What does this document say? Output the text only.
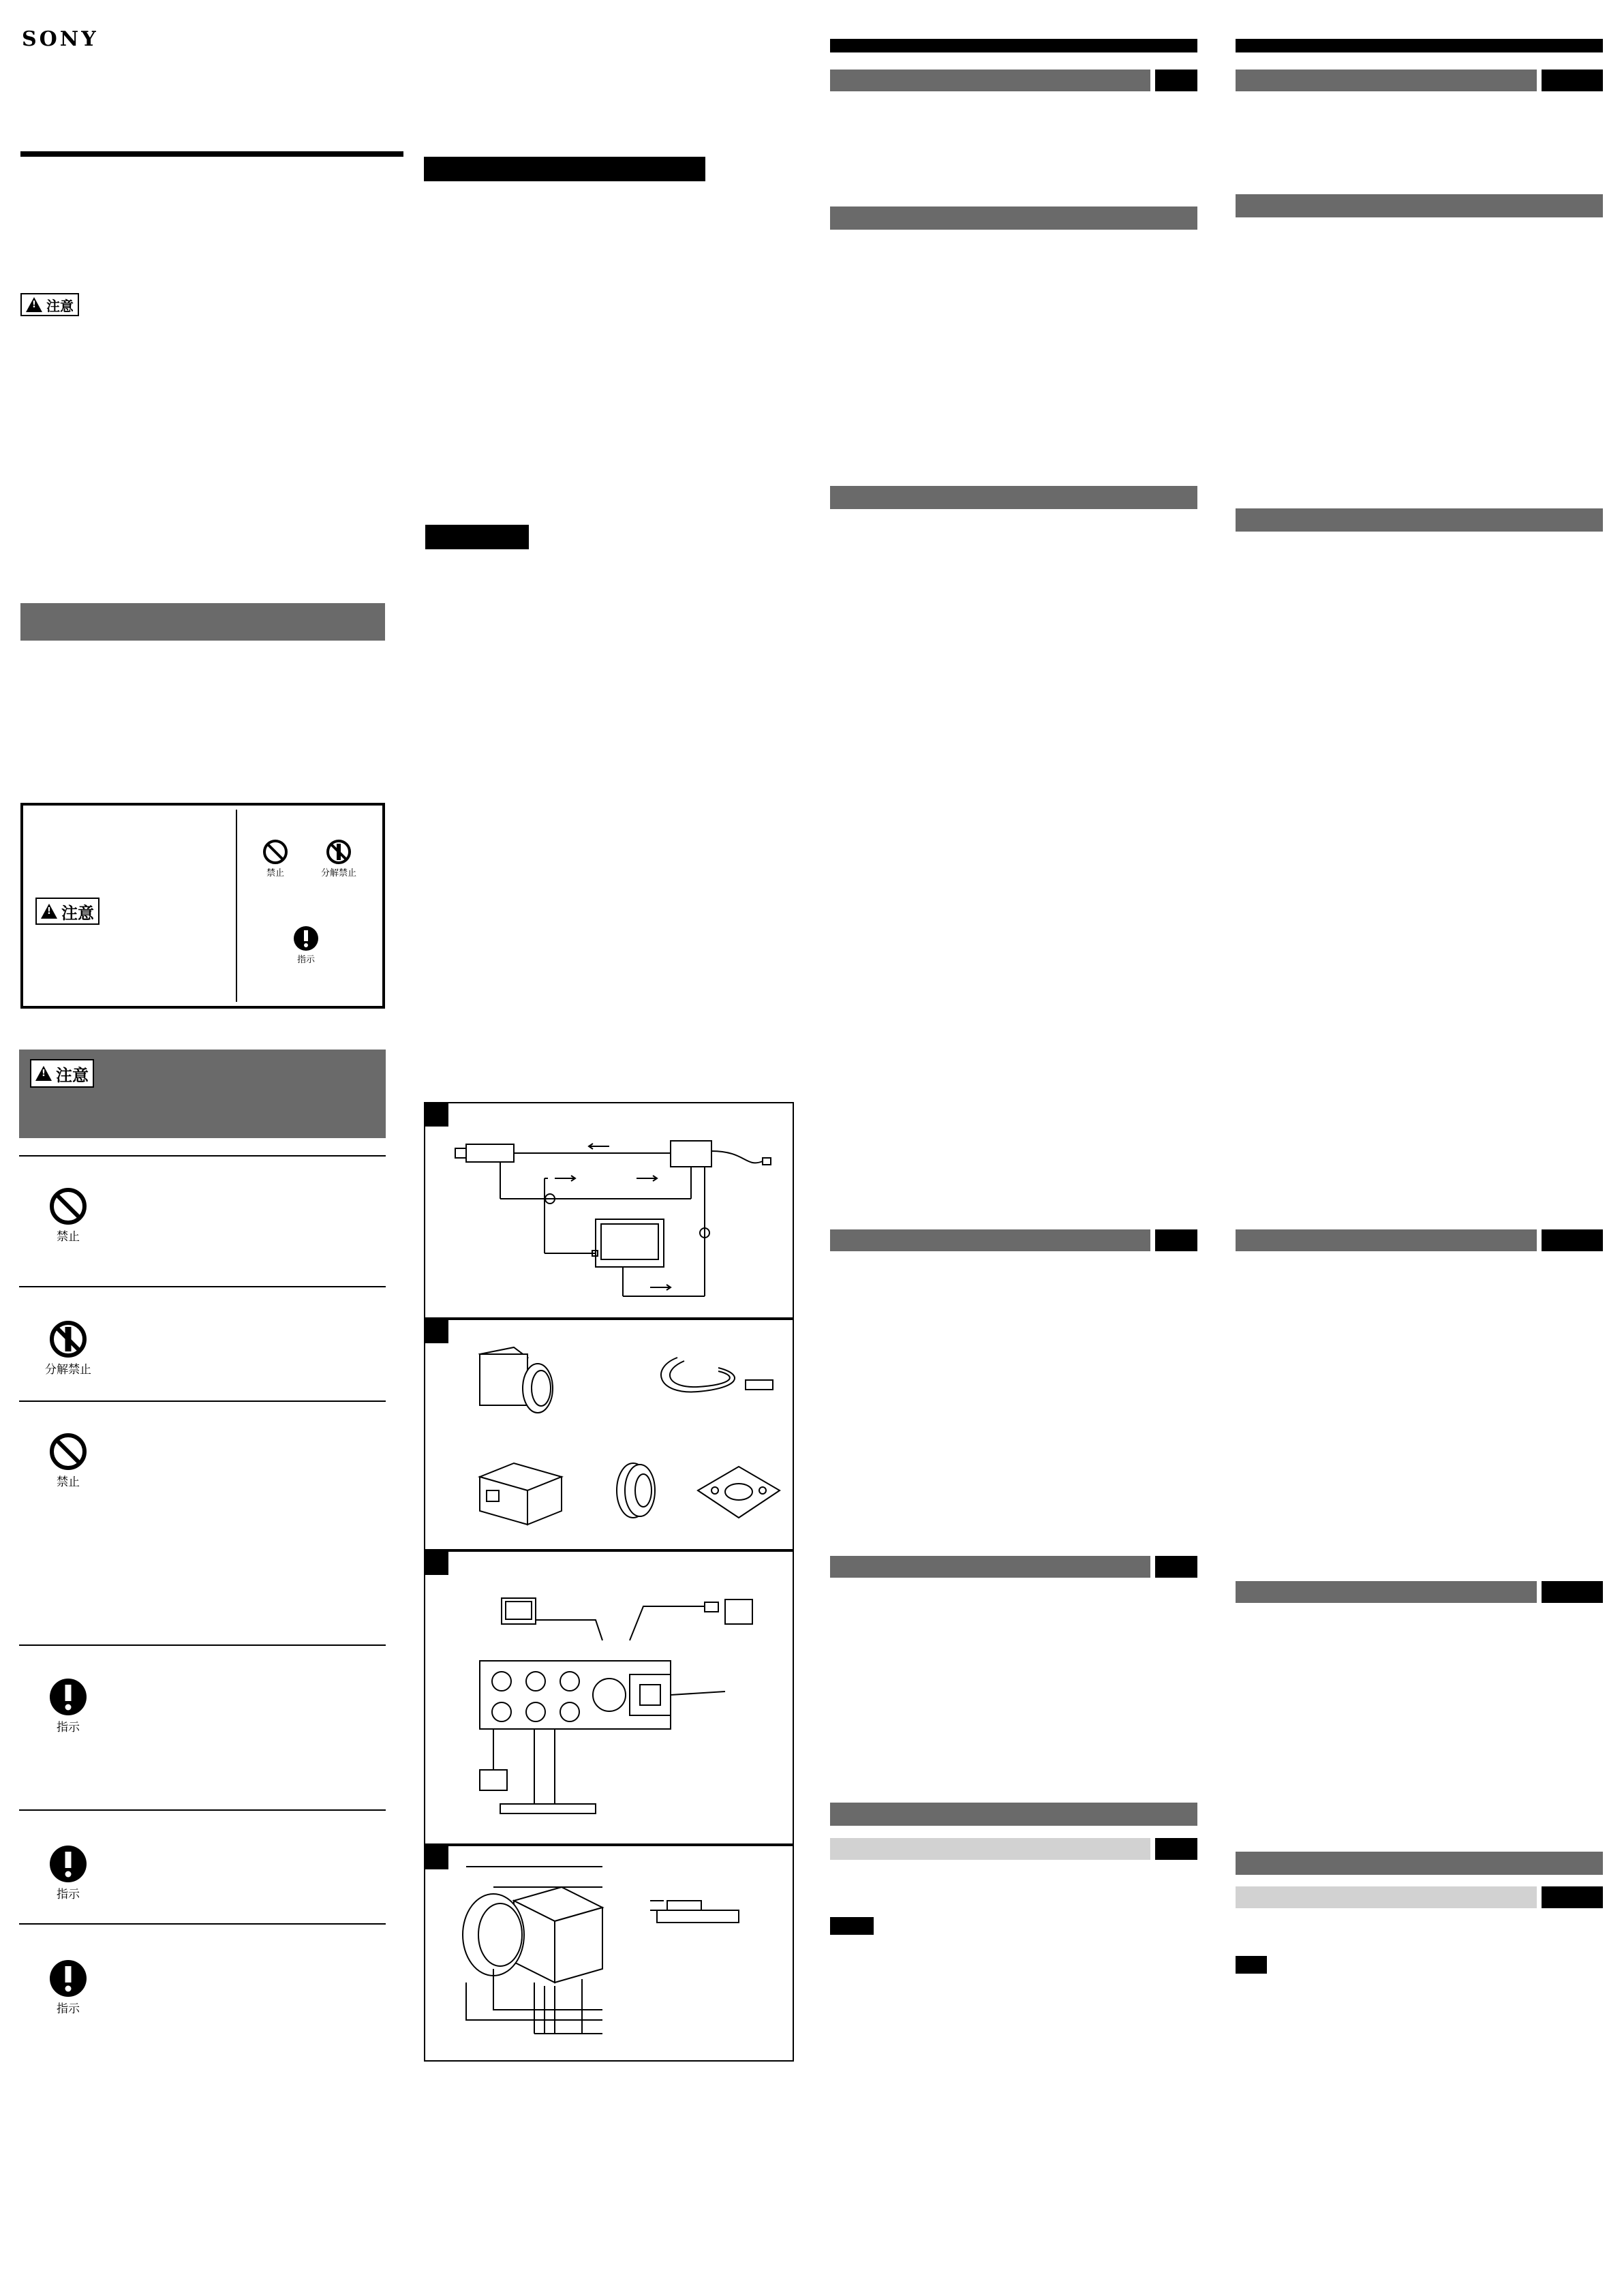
SONY
!
注意
!
注意
禁止	分解禁止
指示
!
注意
禁止
分解禁止
禁止
指示
指示
指示
